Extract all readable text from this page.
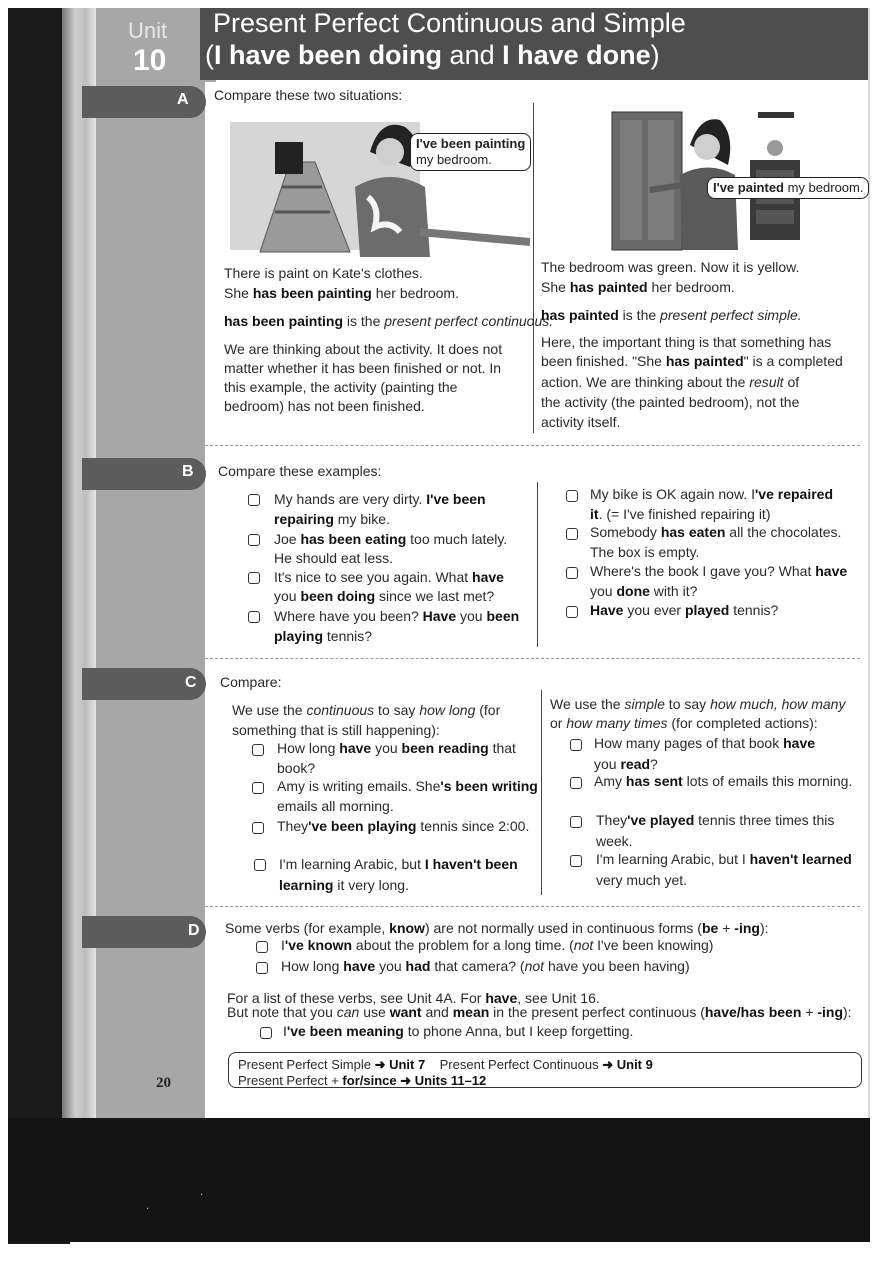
·
·
Unit
10
Present Perfect Continuous and Simple
(I have been doing and I have done)
A
B
C
D
Compare these two situations:
I've been painting
my bedroom.
I've painted my bedroom.
There is paint on Kate's clothes.
She has been painting her bedroom.
has been painting is the present perfect continuous.
We are thinking about the activity. It does not
matter whether it has been finished or not. In
this example, the activity (painting the
bedroom) has not been finished.
The bedroom was green. Now it is yellow.
She has painted her bedroom.
has painted is the present perfect simple.
Here, the important thing is that something has
been finished. "She has painted" is a completed
action. We are thinking about the result of
the activity (the painted bedroom), not the
activity itself.
Compare these examples:
My hands are very dirty. I've been
repairing my bike.
Joe has been eating too much lately.
He should eat less.
It's nice to see you again. What have
you been doing since we last met?
Where have you been? Have you been
playing tennis?
My bike is OK again now. I've repaired
it. (= I've finished repairing it)
Somebody has eaten all the chocolates.
The box is empty.
Where's the book I gave you? What have
you done with it?
Have you ever played tennis?
Compare:
We use the continuous to say how long (for
something that is still happening):
How long have you been reading that
book?
Amy is writing emails. She's been writing
emails all morning.
They've been playing tennis since 2:00.
I'm learning Arabic, but I haven't been
learning it very long.
We use the simple to say how much, how many
or how many times (for completed actions):
How many pages of that book have
you read?
Amy has sent lots of emails this morning.
They've played tennis three times this
week.
I'm learning Arabic, but I haven't learned
very much yet.
Some verbs (for example, know) are not normally used in continuous forms (be + -ing):
I've known about the problem for a long time. (not I've been knowing)
How long have you had that camera? (not have you been having)
For a list of these verbs, see Unit 4A. For have, see Unit 16.
But note that you can use want and mean in the present perfect continuous (have/has been + -ing):
I've been meaning to phone Anna, but I keep forgetting.
Present Perfect Simple ➜ Unit 7 Present Perfect Continuous ➜ Unit 9
Present Perfect + for/since ➜ Units 11–12
20
